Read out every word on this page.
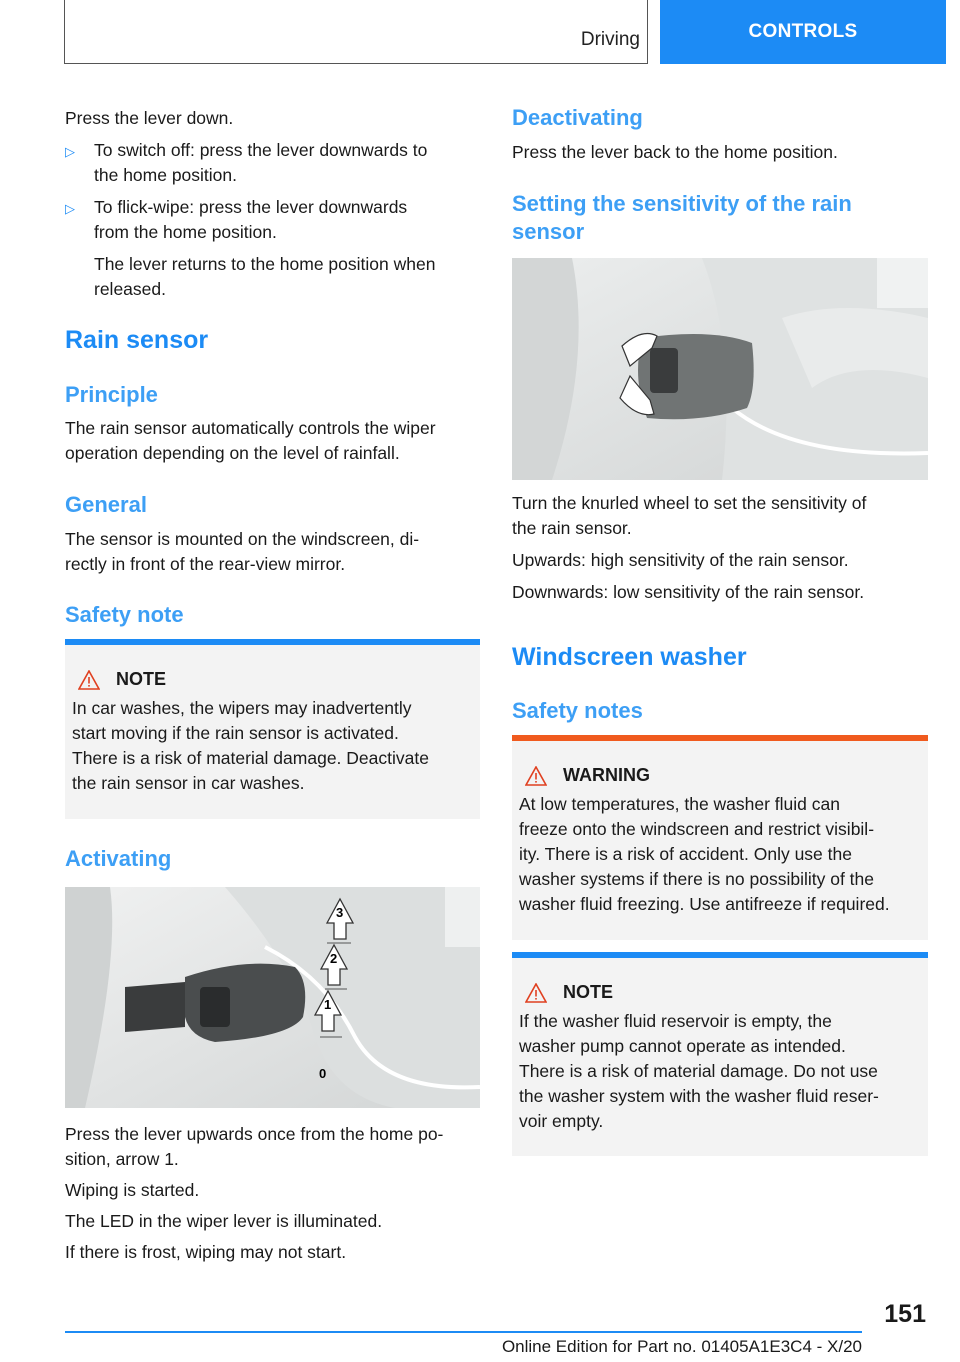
Driving	CONTROLS

Press the lever down.

▷ To switch off: press the lever downwards to
the home position.
▷ To flick-wipe: press the lever downwards
from the home position.
The lever returns to the home position when
released.
Rain sensor
Principle

The rain sensor automatically controls the wiper
operation depending on the level of rainfall.

General

The sensor is mounted on the windscreen, di-
rectly in front of the rear-view mirror.

Safety note
NOTE

In car washes, the wipers may inadvertently
start moving if the rain sensor is activated.
There is a risk of material damage. Deactivate
the rain sensor in car washes.

Activating
3
2
1
0

Press the lever upwards once from the home po-
sition, arrow 1.

Wiping is started.

The LED in the wiper lever is illuminated.

If there is frost, wiping may not start.

Deactivating

Press the lever back to the home position.

Setting the sensitivity of the rain
sensor

Turn the knurled wheel to set the sensitivity of
the rain sensor.

Upwards: high sensitivity of the rain sensor.

Downwards: low sensitivity of the rain sensor.

Windscreen washer
Safety notes
WARNING

At low temperatures, the washer fluid can
freeze onto the windscreen and restrict visibil-
ity. There is a risk of accident. Only use the
washer systems if there is no possibility of the
washer fluid freezing. Use antifreeze if required.

NOTE

If the washer fluid reservoir is empty, the
washer pump cannot operate as intended.
There is a risk of material damage. Do not use
the washer system with the washer fluid reser-
voir empty.

151
Online Edition for Part no. 01405A1E3C4 - X/20
